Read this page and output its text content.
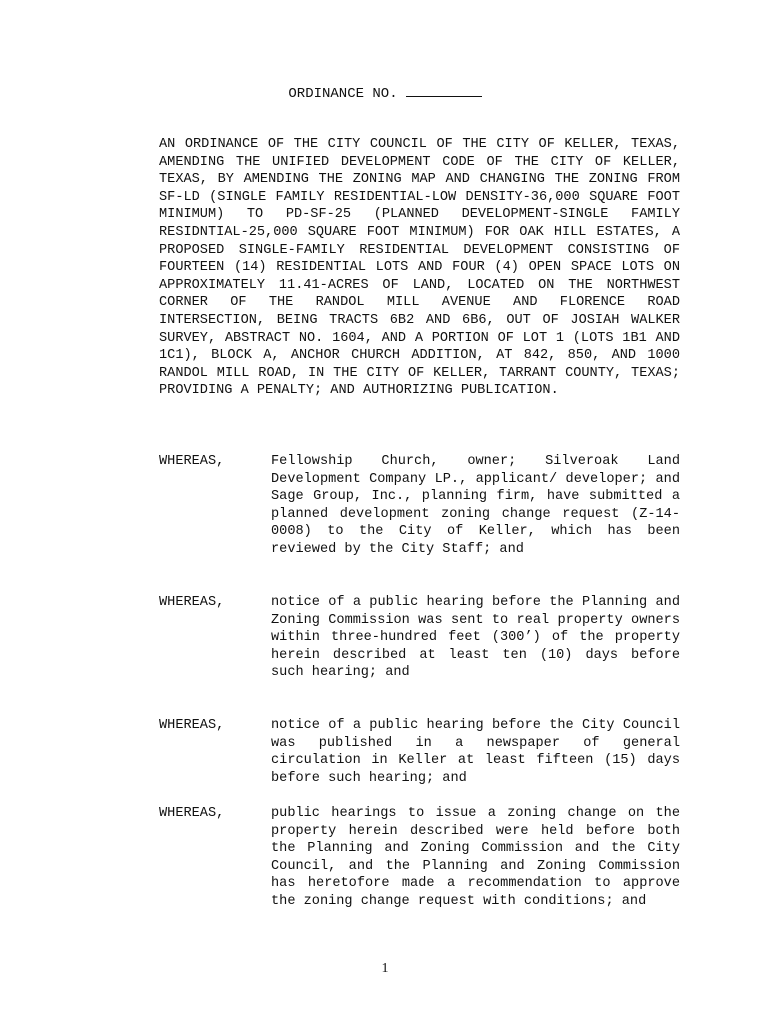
ORDINANCE NO.

AN ORDINANCE OF THE CITY COUNCIL OF THE CITY OF KELLER, TEXAS, AMENDING THE UNIFIED DEVELOPMENT CODE OF THE CITY OF KELLER, TEXAS, BY AMENDING THE ZONING MAP AND CHANGING THE ZONING FROM SF-LD (SINGLE FAMILY RESIDENTIAL-LOW DENSITY-36,000 SQUARE FOOT MINIMUM) TO PD-SF-25 (PLANNED DEVELOPMENT-SINGLE FAMILY RESIDNTIAL-25,000 SQUARE FOOT MINIMUM) FOR OAK HILL ESTATES, A PROPOSED SINGLE-FAMILY RESIDENTIAL DEVELOPMENT CONSISTING OF FOURTEEN (14) RESIDENTIAL LOTS AND FOUR (4) OPEN SPACE LOTS ON APPROXIMATELY 11.41-ACRES OF LAND, LOCATED ON THE NORTHWEST CORNER OF THE RANDOL MILL AVENUE AND FLORENCE ROAD INTERSECTION, BEING TRACTS 6B2 AND 6B6, OUT OF JOSIAH WALKER SURVEY, ABSTRACT NO. 1604, AND A PORTION OF LOT 1 (LOTS 1B1 AND 1C1), BLOCK A, ANCHOR CHURCH ADDITION, AT 842, 850, AND 1000 RANDOL MILL ROAD, IN THE CITY OF KELLER, TARRANT COUNTY, TEXAS; PROVIDING A PENALTY; AND AUTHORIZING PUBLICATION.

WHEREAS,	Fellowship Church, owner; Silveroak Land Development Company LP., applicant/ developer; and Sage Group, Inc., planning firm, have submitted a planned development zoning change request (Z-14-0008) to the City of Keller, which has been reviewed by the City Staff; and
WHEREAS,	notice of a public hearing before the Planning and Zoning Commission was sent to real property owners within three-hundred feet (300’) of the property herein described at least ten (10) days before such hearing; and
WHEREAS,	notice of a public hearing before the City Council was published in a newspaper of general circulation in Keller at least fifteen (15) days before such hearing; and
WHEREAS,	public hearings to issue a zoning change on the property herein described were held before both the Planning and Zoning Commission and the City Council, and the Planning and Zoning Commission has heretofore made a recommendation to approve the zoning change request with conditions; and
1
